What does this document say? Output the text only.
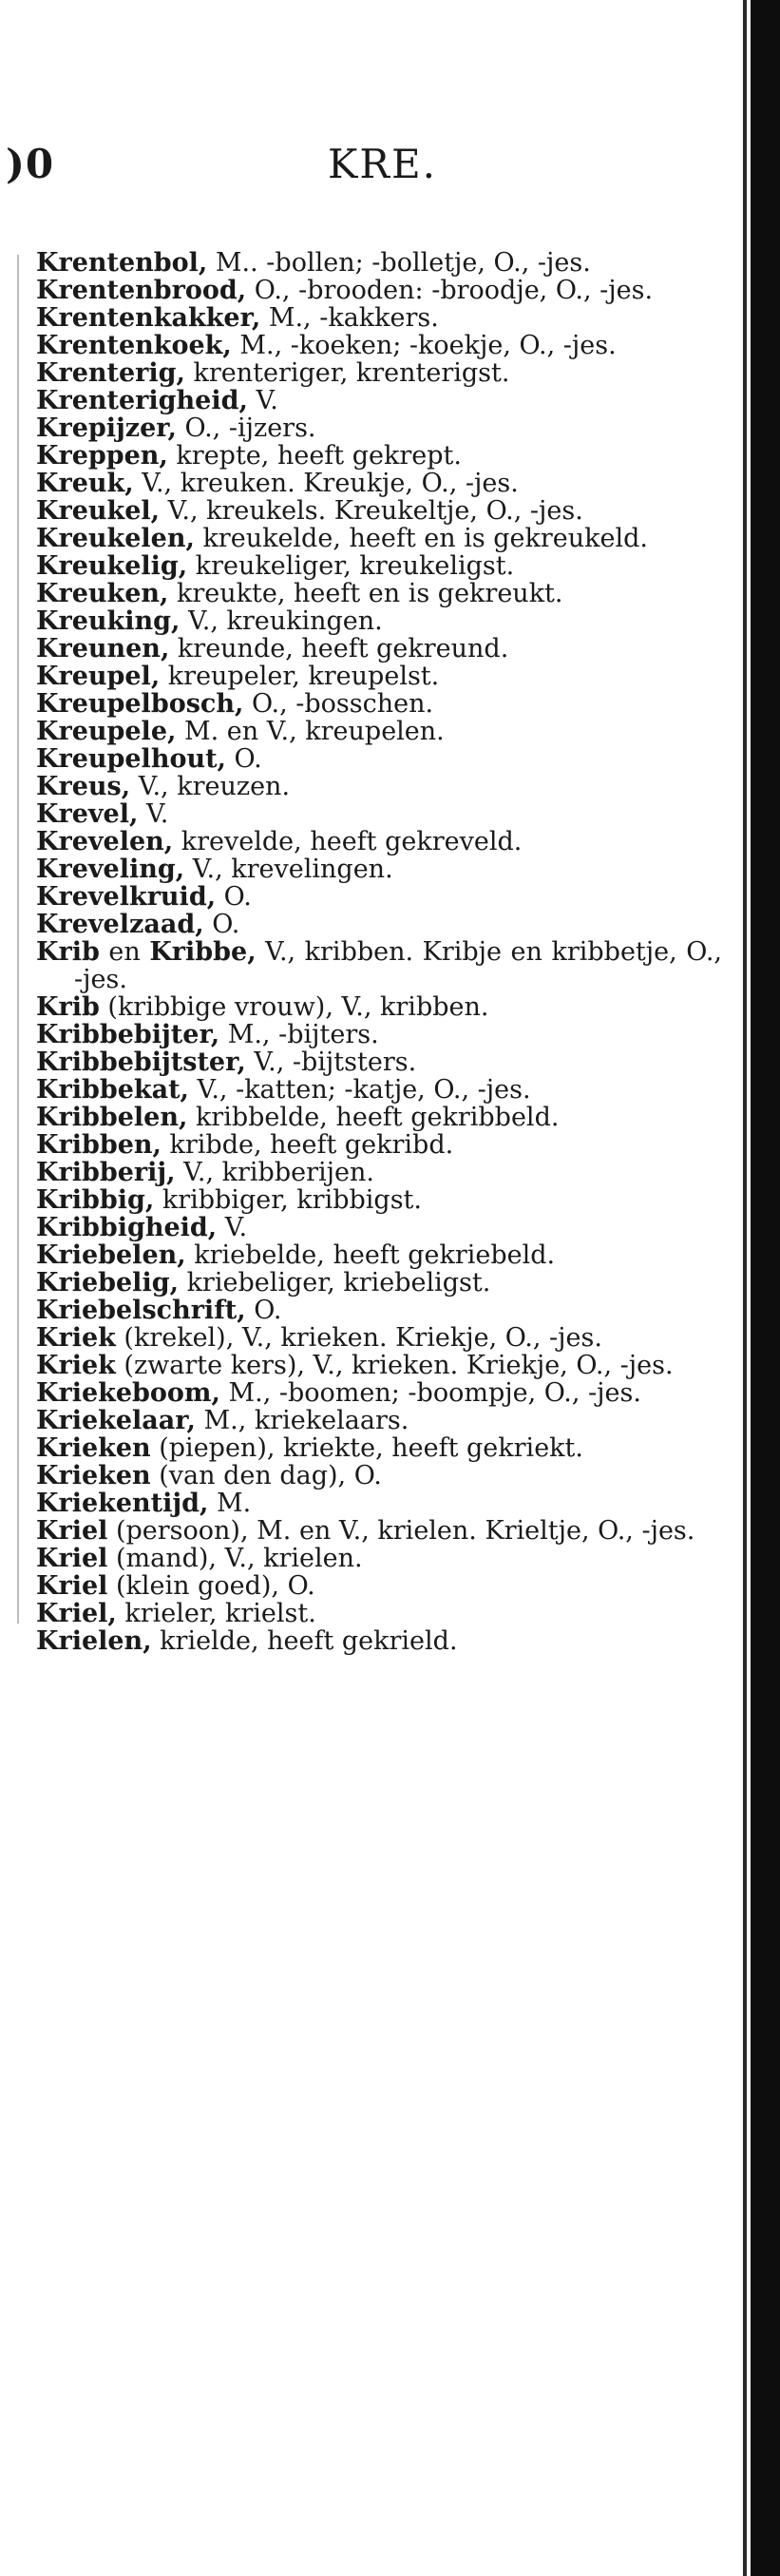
)0	KRE.
Krentenbol, M.. -bollen; -bolletje, O., -jes.
Krentenbrood, O., -brooden: -broodje, O., -jes.
Krentenkakker, M., -kakkers.
Krentenkoek, M., -koeken; -koekje, O., -jes.
Krenterig, krenteriger, krenterigst.
Krenterigheid, V.
Krepijzer, O., -ijzers.
Kreppen, krepte, heeft gekrept.
Kreuk, V., kreuken. Kreukje, O., -jes.
Kreukel, V., kreukels. Kreukeltje, O., -jes.
Kreukelen, kreukelde, heeft en is gekreukeld.
Kreukelig, kreukeliger, kreukeligst.
Kreuken, kreukte, heeft en is gekreukt.
Kreuking, V., kreukingen.
Kreunen, kreunde, heeft gekreund.
Kreupel, kreupeler, kreupelst.
Kreupelbosch, O., -bosschen.
Kreupele, M. en V., kreupelen.
Kreupelhout, O.
Kreus, V., kreuzen.
Krevel, V.
Krevelen, krevelde, heeft gekreveld.
Kreveling, V., krevelingen.
Krevelkruid, O.
Krevelzaad, O.
Krib en Kribbe, V., kribben. Kribje en kribbetje, O., -jes.
Krib (kribbige vrouw), V., kribben.
Kribbebijter, M., -bijters.
Kribbebijtster, V., -bijtsters.
Kribbekat, V., -katten; -katje, O., -jes.
Kribbelen, kribbelde, heeft gekribbeld.
Kribben, kribde, heeft gekribd.
Kribberij, V., kribberijen.
Kribbig, kribbiger, kribbigst.
Kribbigheid, V.
Kriebelen, kriebelde, heeft gekriebeld.
Kriebelig, kriebeliger, kriebeligst.
Kriebelschrift, O.
Kriek (krekel), V., krieken. Kriekje, O., -jes.
Kriek (zwarte kers), V., krieken. Kriekje, O., -jes.
Kriekeboom, M., -boomen; -boompje, O., -jes.
Kriekelaar, M., kriekelaars.
Krieken (piepen), kriekte, heeft gekriekt.
Krieken (van den dag), O.
Kriekentijd, M.
Kriel (persoon), M. en V., krielen. Krieltje, O., -jes.
Kriel (mand), V., krielen.
Kriel (klein goed), O.
Kriel, krieler, krielst.
Krielen, krielde, heeft gekrield.
